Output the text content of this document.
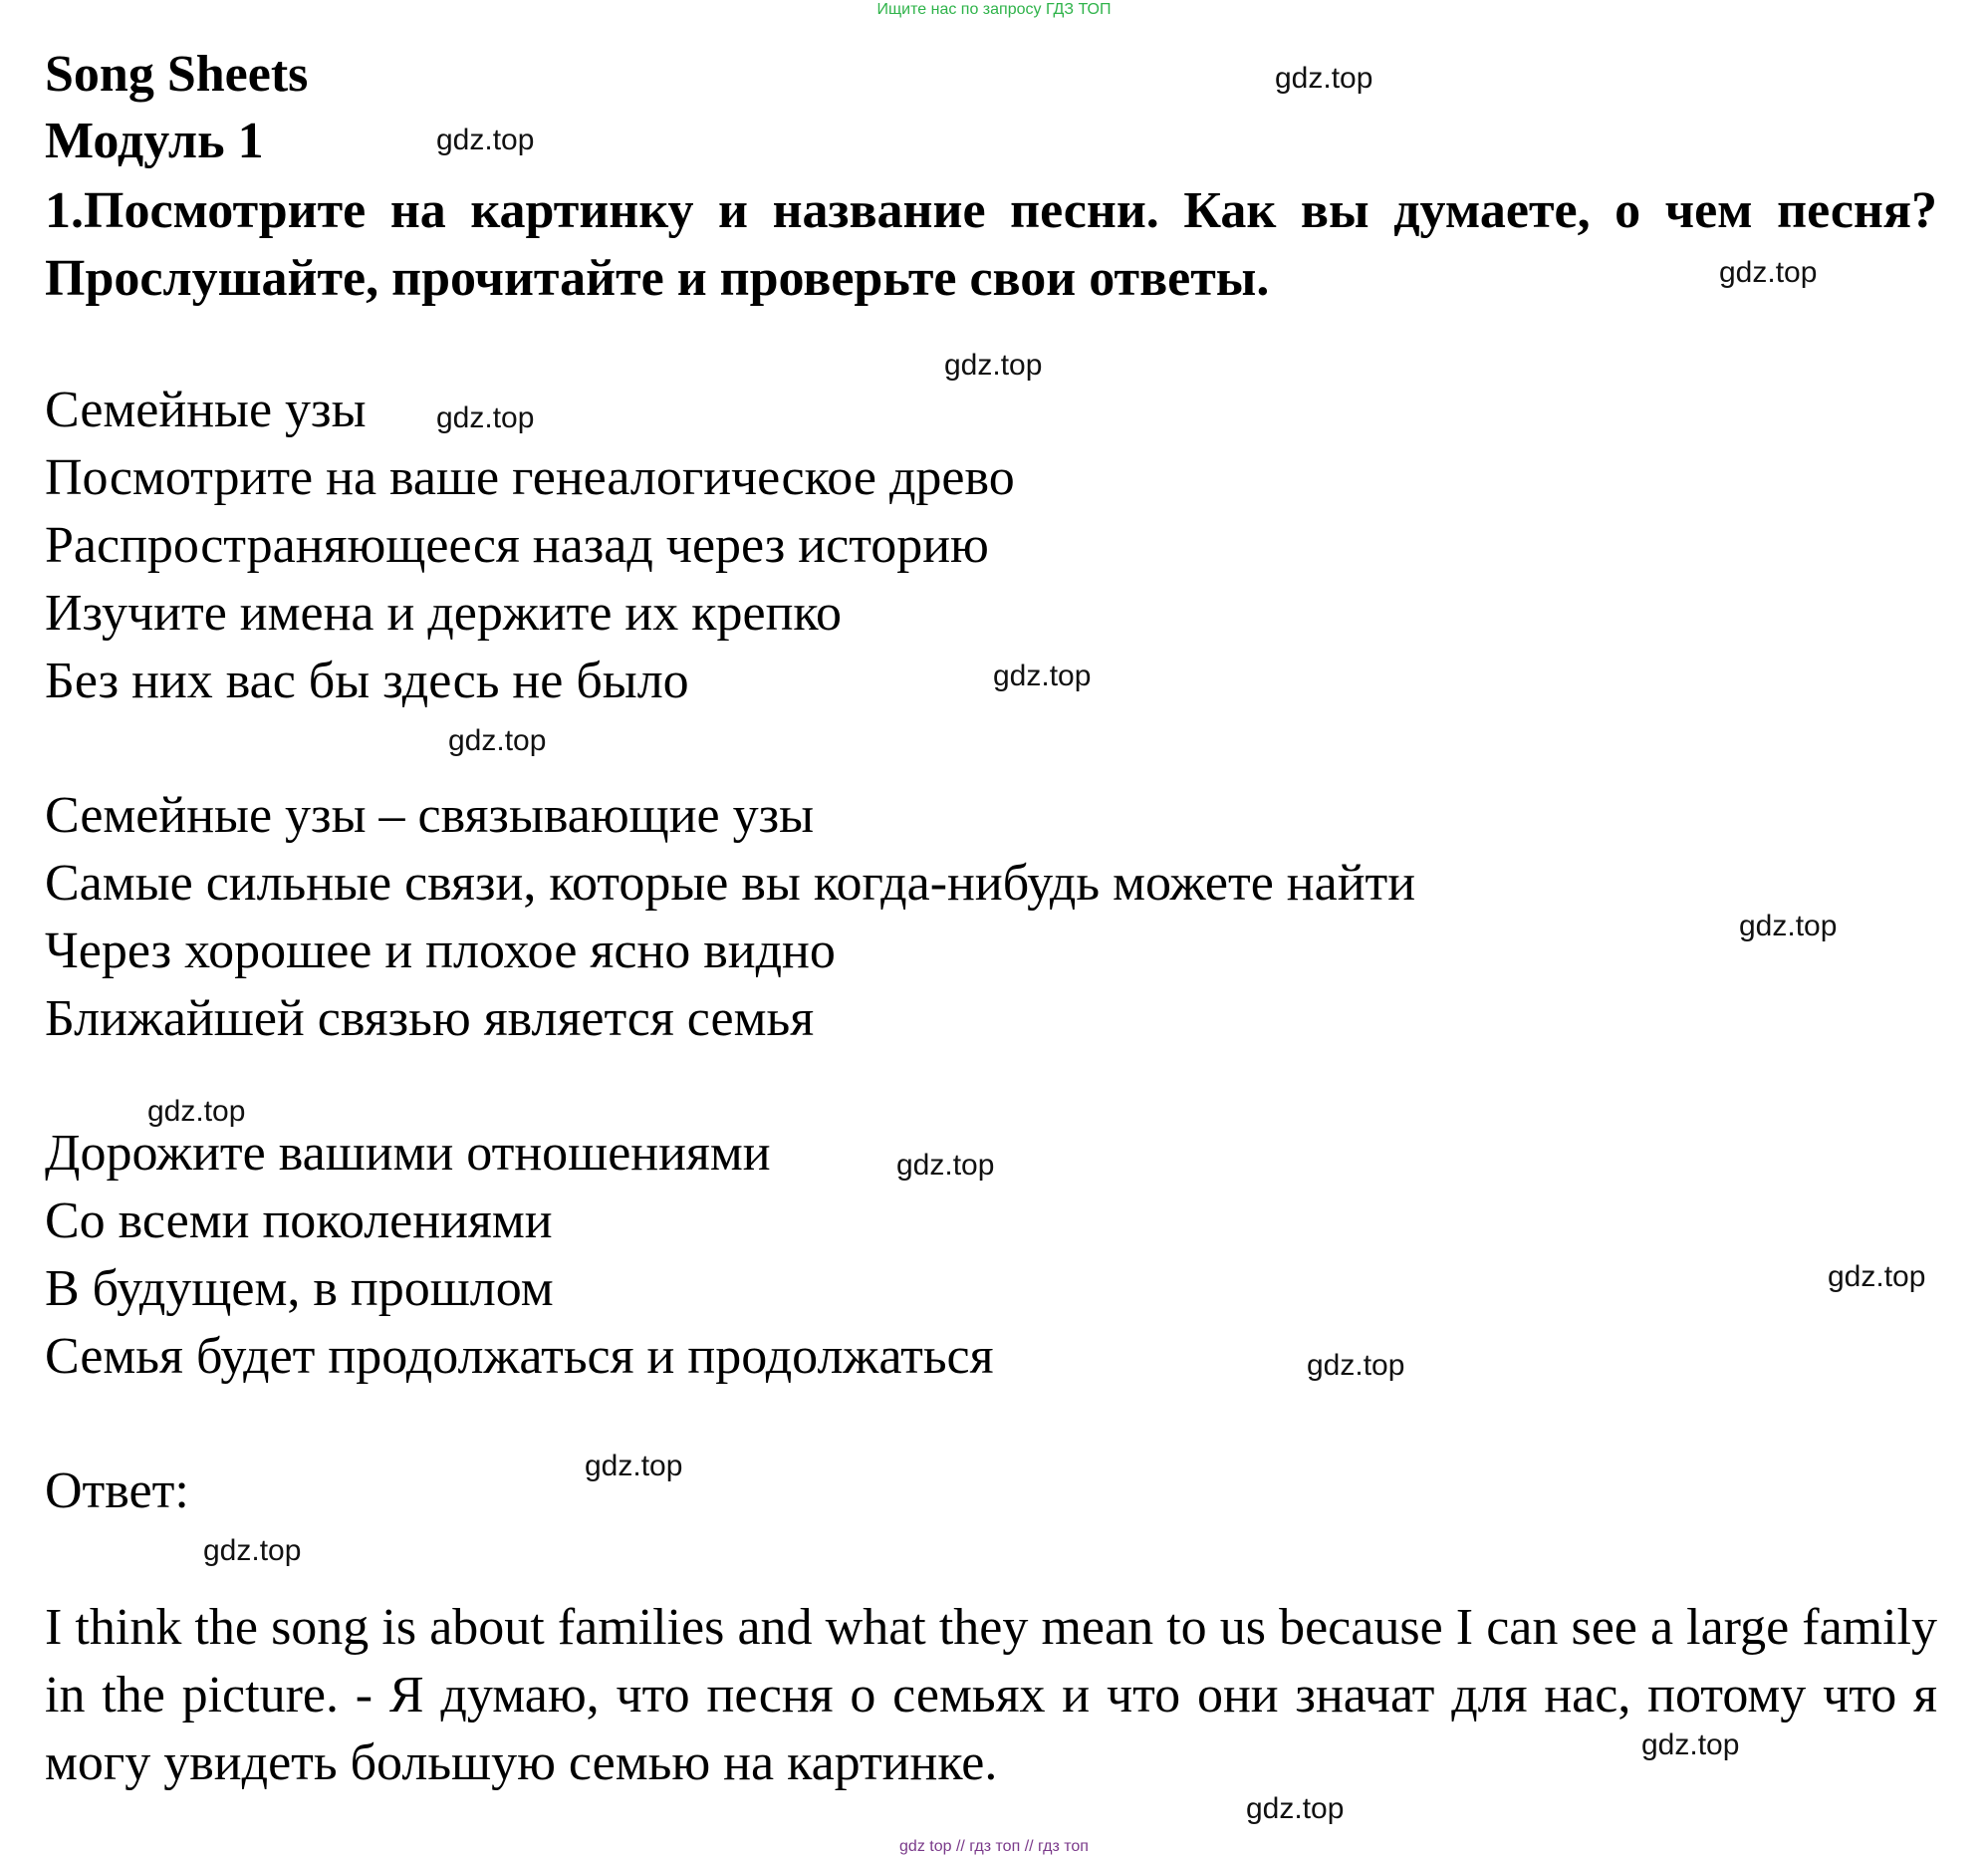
Ищите нас по запросу ГДЗ ТОП
Song Sheets
Модуль 1
1.Посмотрите на картинку и название песни. Как вы думаете, о чем песня? Прослушайте, прочитайте и проверьте свои ответы.
Семейные узы
Посмотрите на ваше генеалогическое древо
Распространяющееся назад через историю
Изучите имена и держите их крепко
Без них вас бы здесь не было
Семейные узы – связывающие узы
Самые сильные связи, которые вы когда-нибудь можете найти
Через хорошее и плохое ясно видно
Ближайшей связью является семья
Дорожите вашими отношениями
Со всеми поколениями
В будущем, в прошлом
Семья будет продолжаться и продолжаться
Ответ:
I think the song is about families and what they mean to us because I can see a large family in the picture. - Я думаю, что песня о семьях и что они значат для нас, потому что я могу увидеть большую семью на картинке.
gdz.top
gdz.top
gdz.top
gdz.top
gdz.top
gdz.top
gdz.top
gdz.top
gdz.top
gdz.top
gdz.top
gdz.top
gdz.top
gdz.top
gdz.top
gdz.top
gdz top // гдз топ // гдз топ
